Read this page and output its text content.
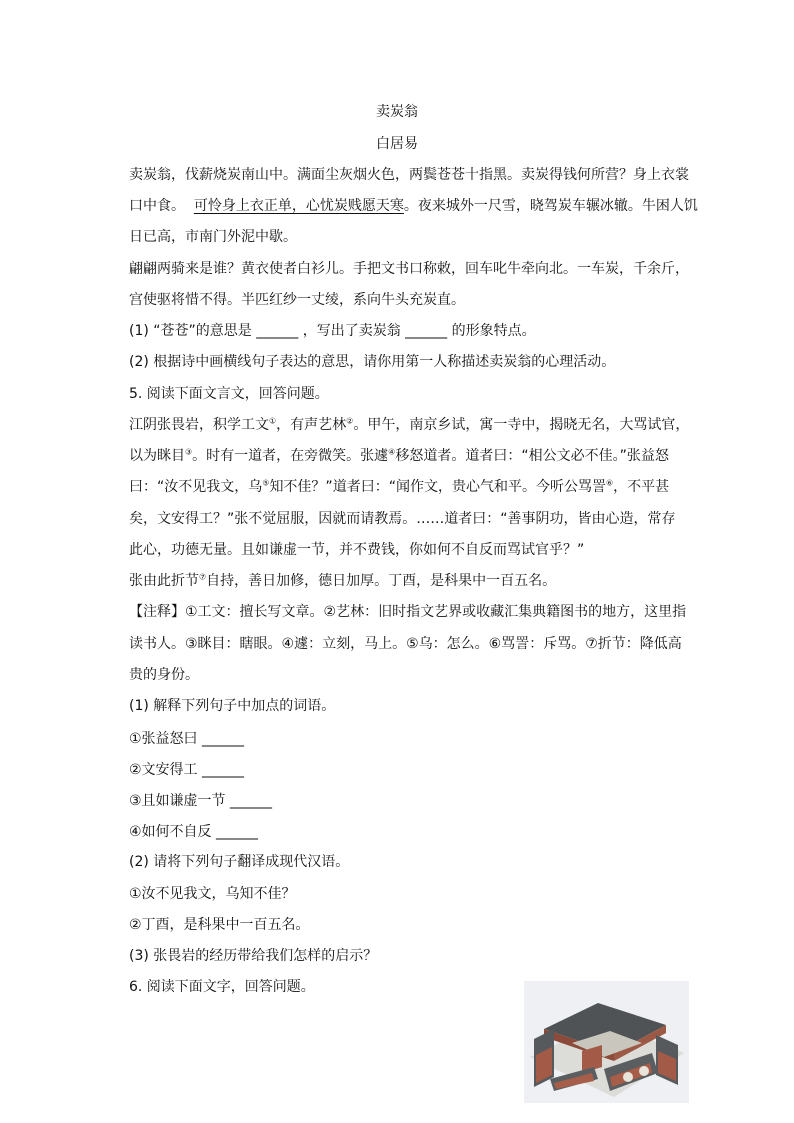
卖炭翁
白居易
卖炭翁，伐薪烧炭南山中。满面尘灰烟火色，两鬓苍苍十指黑。卖炭得钱何所营？身上衣裳
口中食。 可怜身上衣正单，心忧炭贱愿天寒。夜来城外一尺雪，晓驾炭车辗冰辙。牛困人饥
日已高，市南门外泥中歇。
翩翩两骑来是谁？黄衣使者白衫儿。手把文书口称敕，回车叱牛牵向北。一车炭，千余斤，
宫使驱将惜不得。半匹红纱一丈绫，系向牛头充炭直。
(1) “苍苍”的意思是 ______ ，写出了卖炭翁 ______ 的形象特点。
(2) 根据诗中画横线句子表达的意思，请你用第一人称描述卖炭翁的心理活动。
5. 阅读下面文言文，回答问题。
江阴张畏岩，积学工文①，有声艺林②。甲午，南京乡试，寓一寺中，揭晓无名，大骂试官，
以为眯目③。时有一道者，在旁微笑。张遽④移怒道者。道者曰：“相公文必不佳。”张益怒
曰：“汝不见我文，乌⑤知不佳？”道者曰：“闻作文，贵心气和平。今听公骂詈⑥，不平甚
矣，文安得工？”张不觉屈服，因就而请教焉。……道者曰：“善事阴功，皆由心造，常存
此心，功德无量。且如谦虚一节，并不费钱，你如何不自反而骂试官乎？”
张由此折节⑦自持，善日加修，德日加厚。丁酉，是科果中一百五名。
【注释】①工文：擅长写文章。②艺林：旧时指文艺界或收藏汇集典籍图书的地方，这里指
读书人。③眯目：瞎眼。④遽：立刻，马上。⑤乌：怎么。⑥骂詈：斥骂。⑦折节：降低高
贵的身份。
(1) 解释下列句子中加点的词语。
①张益怒曰 ______
②文安得工 ______
③且如谦虚一节 ______
④如何不自反 ______
(2) 请将下列句子翻译成现代汉语。
①汝不见我文，乌知不佳？
②丁酉，是科果中一百五名。
(3) 张畏岩的经历带给我们怎样的启示？
6. 阅读下面文字，回答问题。
